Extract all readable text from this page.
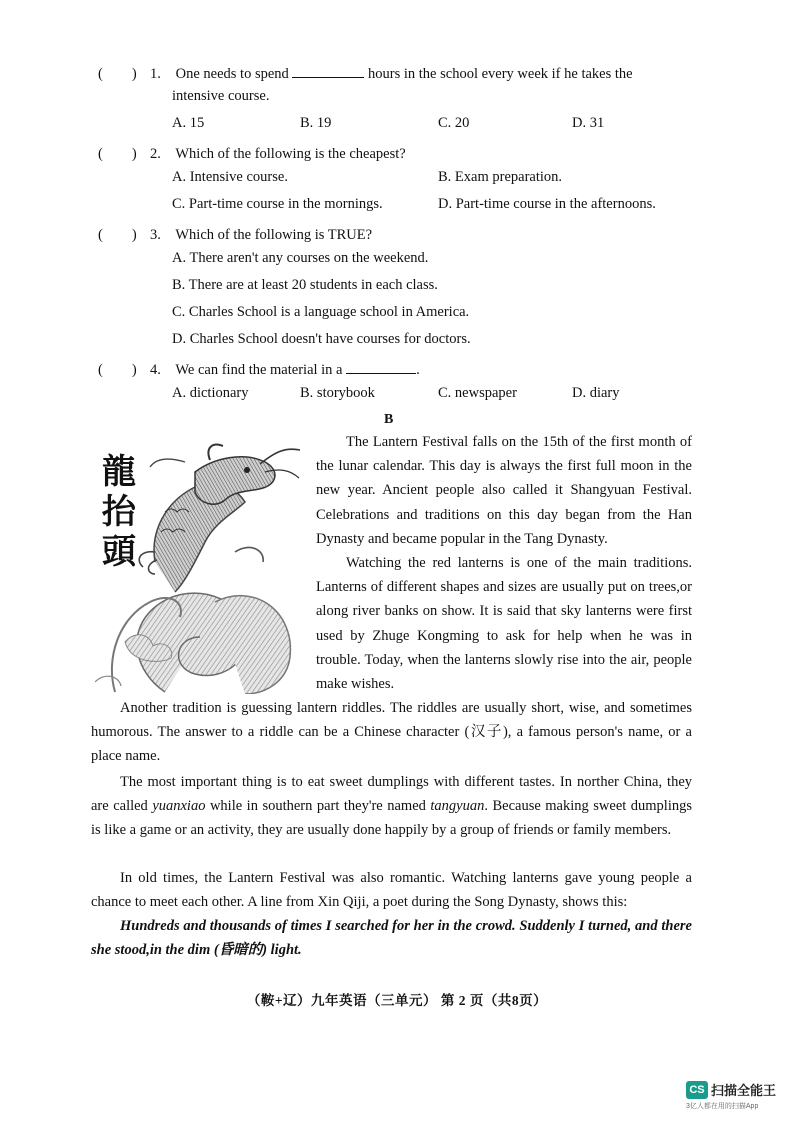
(　　) 1. One needs to spend	hours in the school every week if he takes the
intensive course.
A. 15	B. 19	C. 20	D. 31
(　　) 2. Which of the following is the cheapest?
A. Intensive course.	B. Exam preparation.
C. Part-time course in the mornings.	D. Part-time course in the afternoons.
(　　) 3. Which of the following is TRUE?
A. There aren't any courses on the weekend.
B. There are at least 20 students in each class.
C. Charles School is a language school in America.
D. Charles School doesn't have courses for doctors.
(　　) 4. We can find the material in a	.
A. dictionary	B. storybook	C. newspaper	D. diary
B
龍
抬
頭
The Lantern Festival falls on the 15th of the first month of the lunar calendar. This day is always the first full moon in the new year. Ancient people also called it Shangyuan Festival. Celebrations and traditions on this day began from the Han Dynasty and became popular in the Tang Dynasty.
Watching the red lanterns is one of the main traditions. Lanterns of different shapes and sizes are usually put on trees,or along river banks on show. It is said that sky lanterns were first used by Zhuge Kongming to ask for help when he was in trouble. Today, when the lanterns slowly rise into the air, people make wishes.
Another tradition is guessing lantern riddles. The riddles are usually short, wise, and sometimes humorous. The answer to a riddle can be a Chinese character (汉子), a famous person's name, or a place name.
The most important thing is to eat sweet dumplings with different tastes. In norther China, they are called yuanxiao while in southern part they're named tangyuan. Because making sweet dumplings is like a game or an activity, they are usually done happily by a group of friends or family members.
In old times, the Lantern Festival was also romantic. Watching lanterns gave young people a chance to meet each other. A line from Xin Qiji, a poet during the Song Dynasty, shows this:
Hundreds and thousands of times I searched for her in the crowd. Suddenly I turned, and there she stood,in the dim (昏暗的) light.
（鞍+辽）九年英语（三单元） 第 2 页（共8页）
CS 扫描全能王
3亿人都在用的扫描App
